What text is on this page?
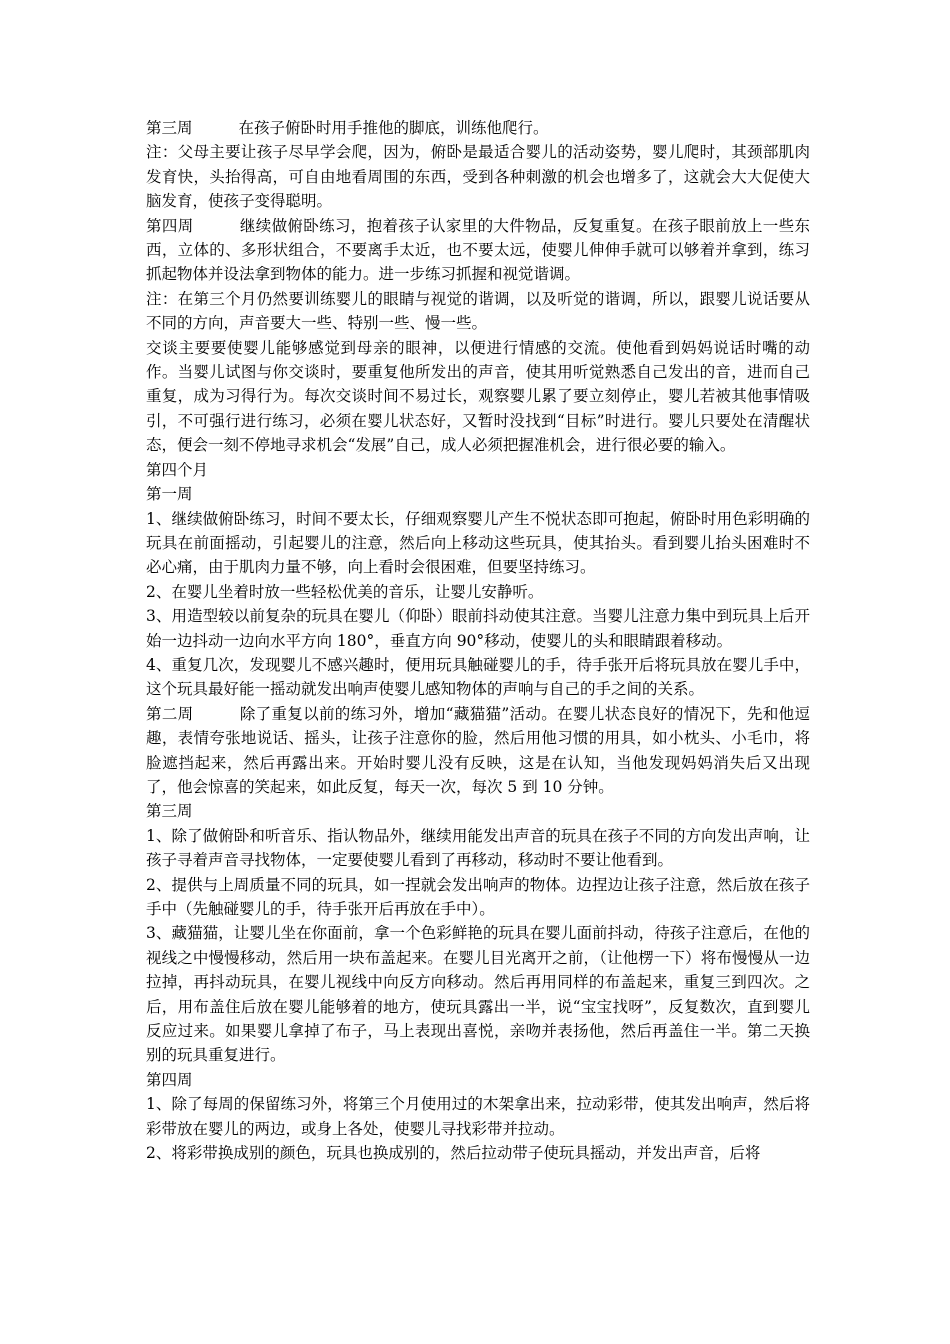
第三周	在孩子俯卧时用手推他的脚底，训练他爬行。

注：父母主要让孩子尽早学会爬，因为，俯卧是最适合婴儿的活动姿势，婴儿爬时，其颈部肌肉发育快，头抬得高，可自由地看周围的东西，受到各种刺激的机会也增多了，这就会大大促使大脑发育，使孩子变得聪明。

第四周	继续做俯卧练习，抱着孩子认家里的大件物品，反复重复。在孩子眼前放上一些东西，立体的、多形状组合，不要离手太近，也不要太远，使婴儿伸伸手就可以够着并拿到，练习抓起物体并设法拿到物体的能力。进一步练习抓握和视觉谐调。

注：在第三个月仍然要训练婴儿的眼睛与视觉的谐调，以及听觉的谐调，所以，跟婴儿说话要从不同的方向，声音要大一些、特别一些、慢一些。

交谈主要要使婴儿能够感觉到母亲的眼神，以便进行情感的交流。使他看到妈妈说话时嘴的动作。当婴儿试图与你交谈时，要重复他所发出的声音，使其用听觉熟悉自己发出的音，进而自己重复，成为习得行为。每次交谈时间不易过长，观察婴儿累了要立刻停止，婴儿若被其他事情吸引，不可强行进行练习，必须在婴儿状态好，又暂时没找到“目标”时进行。婴儿只要处在清醒状态，便会一刻不停地寻求机会“发展”自己，成人必须把握准机会，进行很必要的输入。

第四个月

第一周

1、继续做俯卧练习，时间不要太长，仔细观察婴儿产生不悦状态即可抱起，俯卧时用色彩明确的玩具在前面摇动，引起婴儿的注意，然后向上移动这些玩具，使其抬头。看到婴儿抬头困难时不必心痛，由于肌肉力量不够，向上看时会很困难，但要坚持练习。

2、在婴儿坐着时放一些轻松优美的音乐，让婴儿安静听。

3、用造型较以前复杂的玩具在婴儿（仰卧）眼前抖动使其注意。当婴儿注意力集中到玩具上后开始一边抖动一边向水平方向 180°，垂直方向 90°移动，使婴儿的头和眼睛跟着移动。

4、重复几次，发现婴儿不感兴趣时，便用玩具触碰婴儿的手，待手张开后将玩具放在婴儿手中，这个玩具最好能一摇动就发出响声使婴儿感知物体的声响与自己的手之间的关系。

第二周	除了重复以前的练习外，增加“藏猫猫”活动。在婴儿状态良好的情况下，先和他逗趣，表情夸张地说话、摇头，让孩子注意你的脸，然后用他习惯的用具，如小枕头、小毛巾，将脸遮挡起来，然后再露出来。开始时婴儿没有反映，这是在认知，当他发现妈妈消失后又出现了，他会惊喜的笑起来，如此反复，每天一次，每次 5 到 10 分钟。

第三周

1、除了做俯卧和听音乐、指认物品外，继续用能发出声音的玩具在孩子不同的方向发出声响，让孩子寻着声音寻找物体，一定要使婴儿看到了再移动，移动时不要让他看到。

2、提供与上周质量不同的玩具，如一捏就会发出响声的物体。边捏边让孩子注意，然后放在孩子手中（先触碰婴儿的手，待手张开后再放在手中）。

3、藏猫猫，让婴儿坐在你面前，拿一个色彩鲜艳的玩具在婴儿面前抖动，待孩子注意后，在他的视线之中慢慢移动，然后用一块布盖起来。在婴儿目光离开之前，（让他楞一下）将布慢慢从一边拉掉，再抖动玩具，在婴儿视线中向反方向移动。然后再用同样的布盖起来，重复三到四次。之后，用布盖住后放在婴儿能够着的地方，使玩具露出一半，说“宝宝找呀”，反复数次，直到婴儿反应过来。如果婴儿拿掉了布子，马上表现出喜悦，亲吻并表扬他，然后再盖住一半。第二天换别的玩具重复进行。

第四周

1、除了每周的保留练习外，将第三个月使用过的木架拿出来，拉动彩带，使其发出响声，然后将彩带放在婴儿的两边，或身上各处，使婴儿寻找彩带并拉动。

2、将彩带换成别的颜色，玩具也换成别的，然后拉动带子使玩具摇动，并发出声音，后将
